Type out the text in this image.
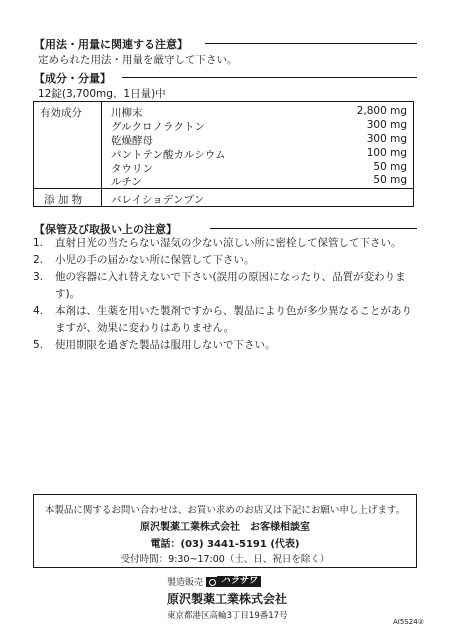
【用法・用量に関連する注意】
定められた用法・用量を厳守して下さい。
【成分・分量】
12錠(3,700mg、1日量)中
有効成分	川柳末	2,800 mg
グルクロノラクトン	300 mg
乾燥酵母	300 mg
パントテン酸カルシウム	100 mg
タウリン	50 mg
ルチン	50 mg
添 加 物	バレイショデンプン
【保管及び取扱い上の注意】
1.	直射日光の当たらない湿気の少ない涼しい所に密栓して保管して下さい。
2.	小児の手の届かない所に保管して下さい。
3.	他の容器に入れ替えないで下さい(誤用の原因になったり、品質が変わります)。
4.	本剤は、生薬を用いた製剤ですから、製品により色が多少異なることがありますが、効果に変わりはありません。
5.	使用期限を過ぎた製品は服用しないで下さい。
本製品に関するお問い合わせは、お買い求めのお店又は下記にお願い申し上げます。
原沢製薬工業株式会社　お客様相談室
電話：(03) 3441-5191 (代表)
受付時間：9:30~17:00（土、日、祝日を除く）
製造販売	ハラサワ
原沢製薬工業株式会社
東京都港区高輪3丁目19番17号
AI5S24②
